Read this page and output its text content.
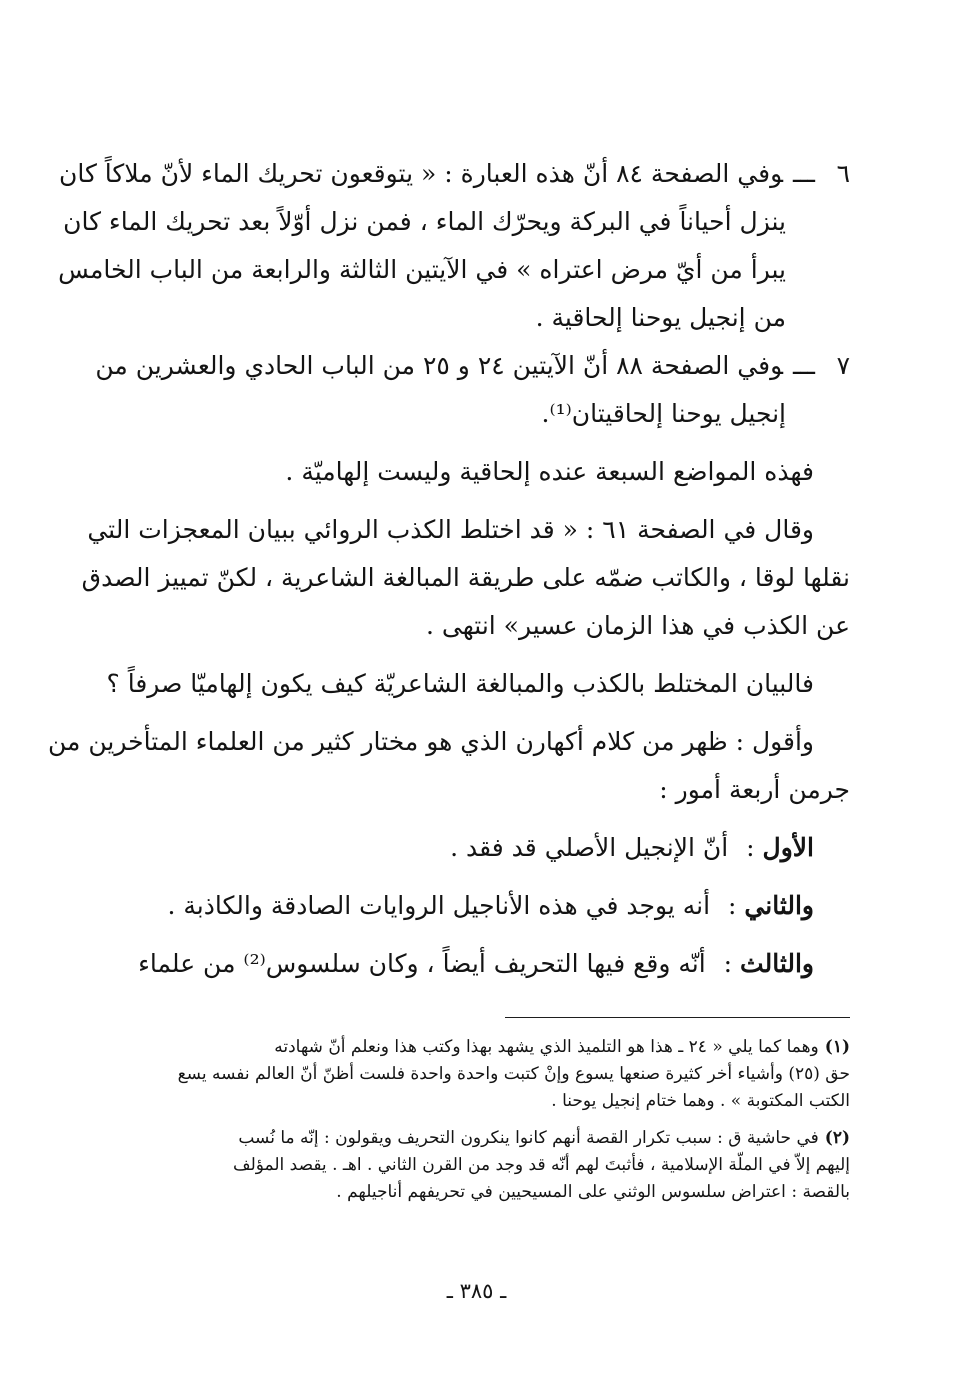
٦ـــوفي الصفحة ٨٤ أنّ هذه العبارة : « يتوقعون تحريك الماء لأنّ ملاكاً كان
ينزل أحياناً في البركة ويحرّك الماء ، فمن نزل أوّلاً بعد تحريك الماء كان
يبرأ من أيّ مرض اعتراه » في الآيتين الثالثة والرابعة من الباب الخامس
من إنجيل يوحنا إلحاقية .
٧ـــوفي الصفحة ٨٨ أنّ الآيتين ٢٤ و ٢٥ من الباب الحادي والعشرين من
إنجيل يوحنا إلحاقيتان⁽¹⁾.
فهذه المواضع السبعة عنده إلحاقية وليست إلهاميّة .
وقال في الصفحة ٦١ : « قد اختلط الكذب الروائي ببيان المعجزات التي
نقلها لوقا ، والكاتب ضمّه على طريقة المبالغة الشاعرية ، لكنّ تمييز الصدق
عن الكذب في هذا الزمان عسير» انتهى .
فالبيان المختلط بالكذب والمبالغة الشاعريّة كيف يكون إلهاميّا صرفاً ؟
وأقول : ظهر من كلام أكهارن الذي هو مختار كثير من العلماء المتأخرين من
جرمن أربعة أمور :
الأول : أنّ الإنجيل الأصلي قد فقد .
والثاني : أنه يوجد في هذه الأناجيل الروايات الصادقة والكاذبة .
والثالث : أنّه وقع فيها التحريف أيضاً ، وكان سلسوس⁽²⁾ من علماء
(١)وهما كما يلي « ٢٤ ـ هذا هو التلميذ الذي يشهد بهذا وكتب هذا ونعلم أنّ شهادته
حق (٢٥) وأشياء أخر كثيرة صنعها يسوع وإنْ كتبت واحدة واحدة فلست أظنّ أنّ العالم نفسه يسع
الكتب المكتوبة » . وهما ختام إنجيل يوحنا .
(٢)في حاشية ق : سبب تكرار القصة أنهم كانوا ينكرون التحريف ويقولون : إنّه ما نُسب
إليهم إلاّ في الملّة الإسلامية ، فأثبتَ لهم أنّه قد وجد من القرن الثاني . اهـ . يقصد المؤلف
بالقصة : اعتراض سلسوس الوثني على المسيحيين في تحريفهم أناجيلهم .
ـ ٣٨٥ ـ
